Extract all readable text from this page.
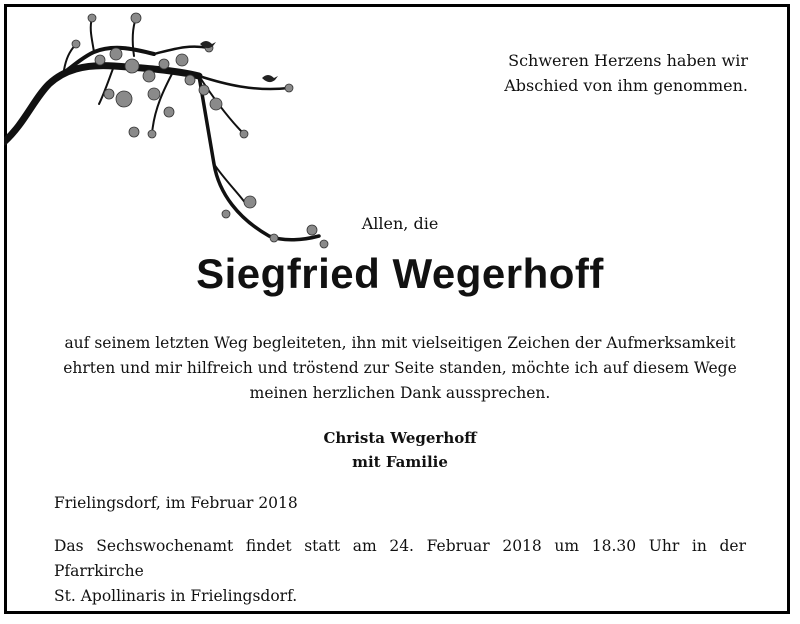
Schweren Herzens haben wir
Abschied von ihm genommen.
Allen, die
Siegfried Wegerhoff
auf seinem letzten Weg begleiteten, ihn mit vielseitigen Zeichen der Aufmerksamkeit
ehrten und mir hilfreich und tröstend zur Seite standen, möchte ich auf diesem Wege
meinen herzlichen Dank aussprechen.
Christa Wegerhoff
mit Familie
Frielingsdorf, im Februar 2018
Das Sechswochenamt findet statt am 24. Februar 2018 um 18.30 Uhr in der Pfarrkirche
St. Apollinaris in Frielingsdorf.
